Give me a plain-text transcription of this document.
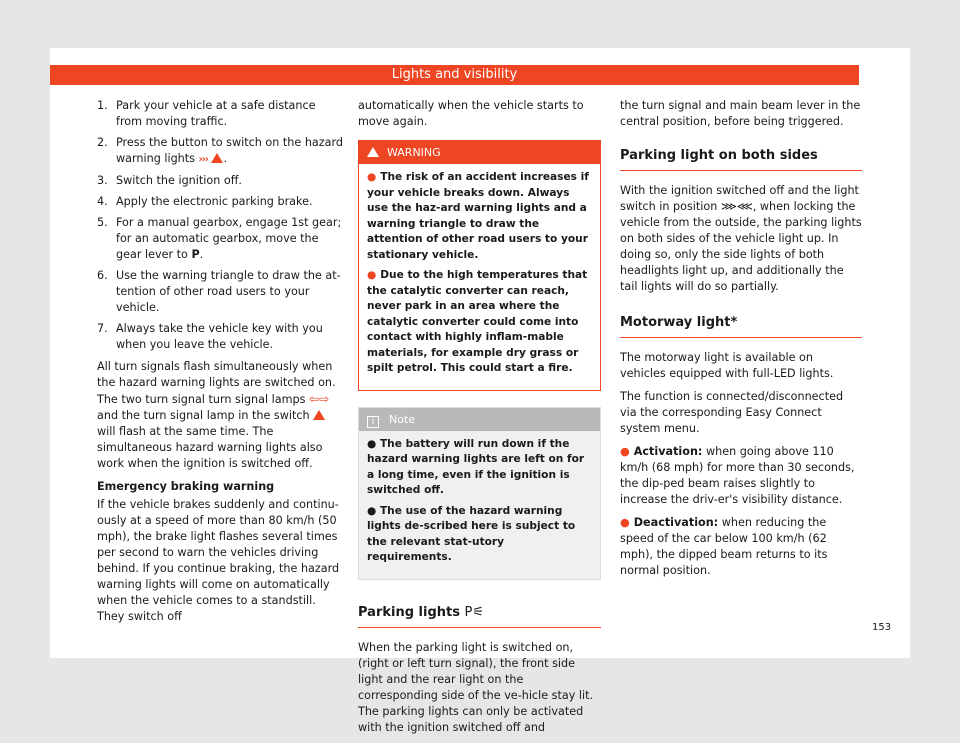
Lights and visibility
1. Park your vehicle at a safe distance from moving traffic.
2. Press the button to switch on the hazard warning lights ››› .
3. Switch the ignition off.
4. Apply the electronic parking brake.
5. For a manual gearbox, engage 1st gear; for an automatic gearbox, move the gear lever to P.
6. Use the warning triangle to draw the at-tention of other road users to your vehicle.
7. Always take the vehicle key with you when you leave the vehicle.

All turn signals flash simultaneously when the hazard warning lights are switched on. The two turn signal turn signal lamps ⇦⇨ and the turn signal lamp in the switch  will flash at the same time. The simultaneous hazard warning lights also work when the ignition is switched off.

Emergency braking warning

If the vehicle brakes suddenly and continu-ously at a speed of more than 80 km/h (50 mph), the brake light flashes several times per second to warn the vehicles driving behind. If you continue braking, the hazard warning lights will come on automatically when the vehicle comes to a standstill. They switch off

automatically when the vehicle starts to move again.

WARNING
● The risk of an accident increases if your vehicle breaks down. Always use the haz-ard warning lights and a warning triangle to draw the attention of other road users to your stationary vehicle.
● Due to the high temperatures that the catalytic converter can reach, never park in an area where the catalytic converter could come into contact with highly inflam-mable materials, for example dry grass or spilt petrol. This could start a fire.
i Note
● The battery will run down if the hazard warning lights are left on for a long time, even if the ignition is switched off.
● The use of the hazard warning lights de-scribed here is subject to the relevant stat-utory requirements.
Parking lights P⚟

When the parking light is switched on, (right or left turn signal), the front side light and the rear light on the corresponding side of the ve-hicle stay lit. The parking lights can only be activated with the ignition switched off and

the turn signal and main beam lever in the central position, before being triggered.

Parking light on both sides

With the ignition switched off and the light switch in position ⋙⋘, when locking the vehicle from the outside, the parking lights on both sides of the vehicle light up. In doing so, only the side lights of both headlights light up, and additionally the tail lights will do so partially.

Motorway light*

The motorway light is available on vehicles equipped with full-LED lights.

The function is connected/disconnected via the corresponding Easy Connect system menu.

● Activation: when going above 110 km/h (68 mph) for more than 30 seconds, the dip-ped beam raises slightly to increase the driv-er's visibility distance.

● Deactivation: when reducing the speed of the car below 100 km/h (62 mph), the dipped beam returns to its normal position.

153
